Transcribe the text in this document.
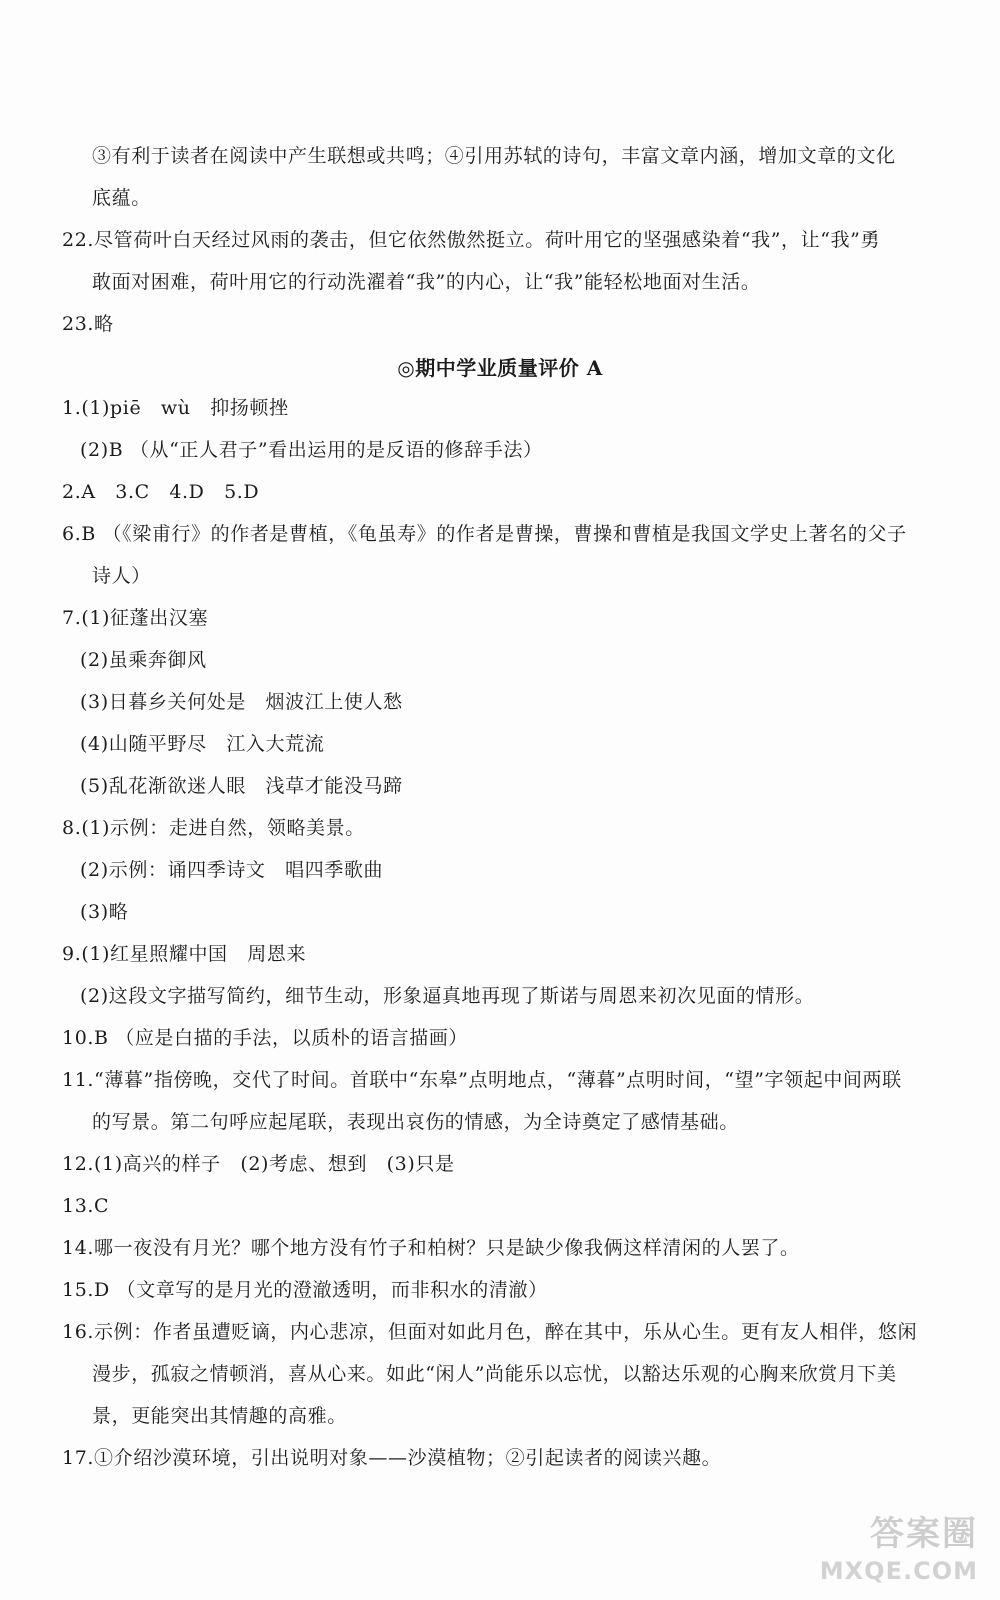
③有利于读者在阅读中产生联想或共鸣；④引用苏轼的诗句，丰富文章内涵，增加文章的文化

底蕴。

22.尽管荷叶白天经过风雨的袭击，但它依然傲然挺立。荷叶用它的坚强感染着“我”，让“我”勇

敢面对困难，荷叶用它的行动洗濯着“我”的内心，让“我”能轻松地面对生活。

23.略

◎期中学业质量评价 A

1.(1)piē　wù　抑扬顿挫

(2)B （从“正人君子”看出运用的是反语的修辞手法）

2.A　3.C　4.D　5.D

6.B （《梁甫行》的作者是曹植，《龟虽寿》的作者是曹操，曹操和曹植是我国文学史上著名的父子

诗人）

7.(1)征蓬出汉塞

(2)虽乘奔御风

(3)日暮乡关何处是　烟波江上使人愁

(4)山随平野尽　江入大荒流

(5)乱花渐欲迷人眼　浅草才能没马蹄

8.(1)示例：走进自然，领略美景。

(2)示例：诵四季诗文　唱四季歌曲

(3)略

9.(1)红星照耀中国　周恩来

(2)这段文字描写简约，细节生动，形象逼真地再现了斯诺与周恩来初次见面的情形。

10.B （应是白描的手法，以质朴的语言描画）

11.“薄暮”指傍晚，交代了时间。首联中“东皋”点明地点，“薄暮”点明时间，“望”字领起中间两联

的写景。第二句呼应起尾联，表现出哀伤的情感，为全诗奠定了感情基础。

12.(1)高兴的样子　(2)考虑、想到　(3)只是

13.C

14.哪一夜没有月光？哪个地方没有竹子和柏树？只是缺少像我俩这样清闲的人罢了。

15.D （文章写的是月光的澄澈透明，而非积水的清澈）

16.示例：作者虽遭贬谪，内心悲凉，但面对如此月色，醉在其中，乐从心生。更有友人相伴，悠闲

漫步，孤寂之情顿消，喜从心来。如此“闲人”尚能乐以忘忧，以豁达乐观的心胸来欣赏月下美

景，更能突出其情趣的高雅。

17.①介绍沙漠环境，引出说明对象——沙漠植物；②引起读者的阅读兴趣。

答案圈
MXQE.COM
